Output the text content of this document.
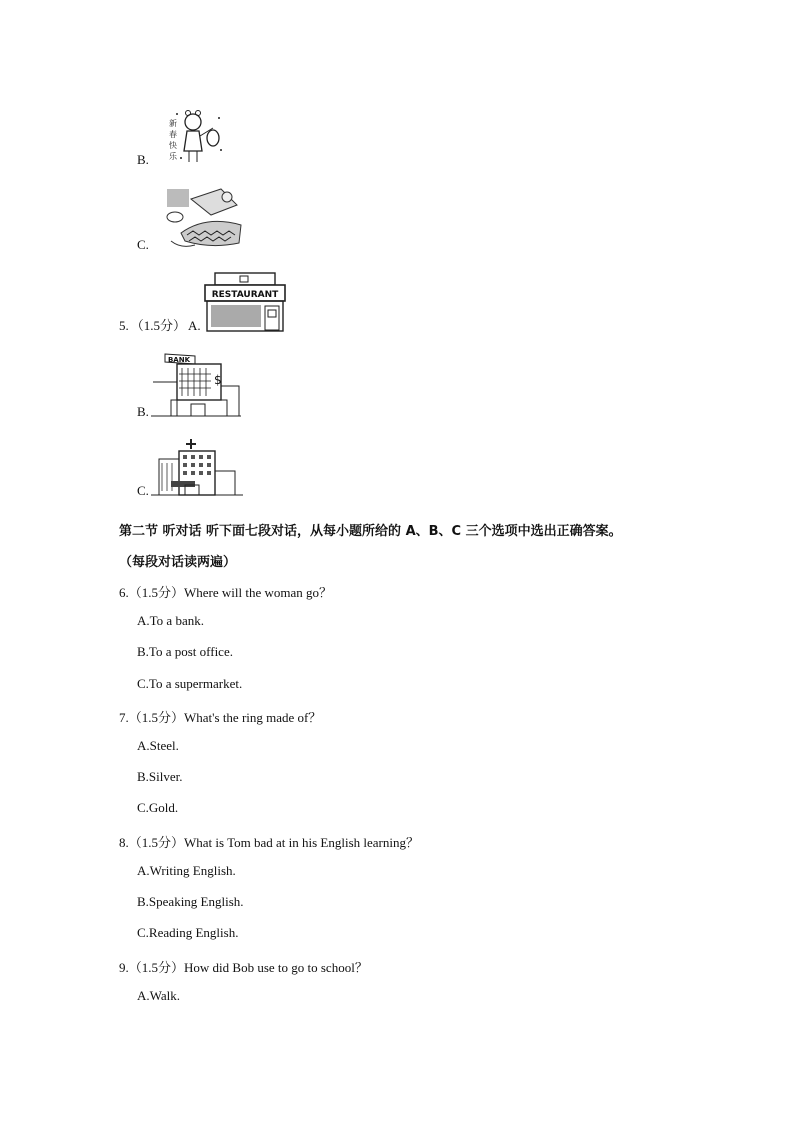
B.
新
春
快
乐
C.
5. （1.5分） A.
RESTAURANT
B.
BANK
$
C.
第二节 听对话 听下面七段对话，从每小题所给的 A、B、C 三个选项中选出正确答案。
（每段对话读两遍）
6.（1.5分）Where will the woman go？
A.To a bank.
B.To a post office.
C.To a supermarket.
7.（1.5分）What's the ring made of？
A.Steel.
B.Silver.
C.Gold.
8.（1.5分）What is Tom bad at in his English learning？
A.Writing English.
B.Speaking English.
C.Reading English.
9.（1.5分）How did Bob use to go to school？
A.Walk.
